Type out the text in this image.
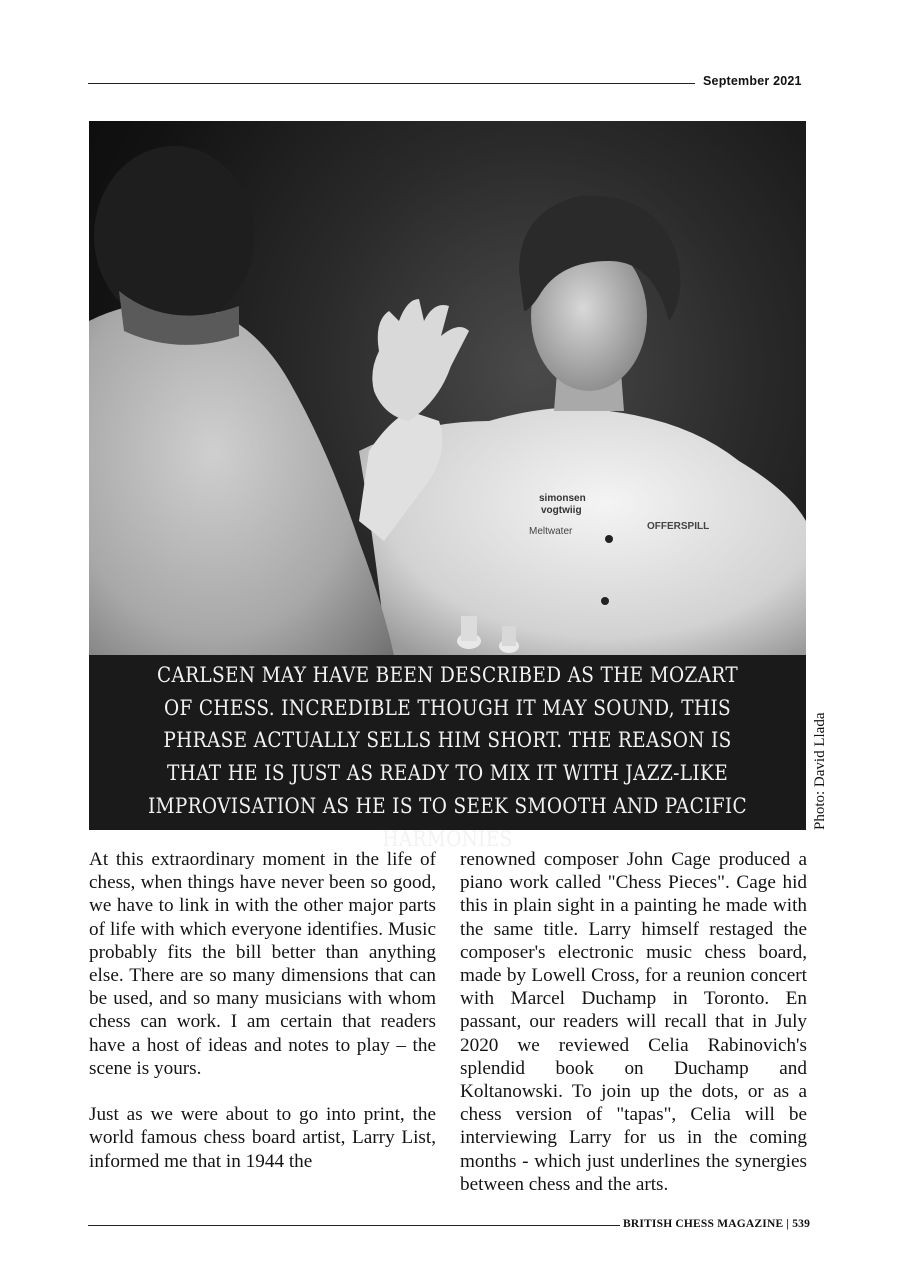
September 2021
simonsen
vogtwiig
Meltwater	OFFERSPILL
CARLSEN MAY HAVE BEEN DESCRIBED AS THE MOZART OF CHESS. INCREDIBLE THOUGH IT MAY SOUND, THIS PHRASE ACTUALLY SELLS HIM SHORT. THE REASON IS THAT HE IS JUST AS READY TO MIX IT WITH JAZZ-LIKE IMPROVISATION AS HE IS TO SEEK SMOOTH AND PACIFIC HARMONIES
Photo: David Llada

At this extraordinary moment in the life of chess, when things have never been so good, we have to link in with the other major parts of life with which everyone identifies. Music probably fits the bill better than anything else. There are so many dimensions that can be used, and so many musicians with whom chess can work. I am certain that readers have a host of ideas and notes to play – the scene is yours.

Just as we were about to go into print, the world famous chess board artist, Larry List, informed me that in 1944 the

renowned composer John Cage produced a piano work called "Chess Pieces". Cage hid this in plain sight in a painting he made with the same title. Larry himself restaged the composer's electronic music chess board, made by Lowell Cross, for a reunion concert with Marcel Duchamp in Toronto. En passant, our readers will recall that in July 2020 we reviewed Celia Rabinovich's splendid book on Duchamp and Koltanowski. To join up the dots, or as a chess version of "tapas", Celia will be interviewing Larry for us in the coming months - which just underlines the synergies between chess and the arts.

BRITISH CHESS MAGAZINE | 539
